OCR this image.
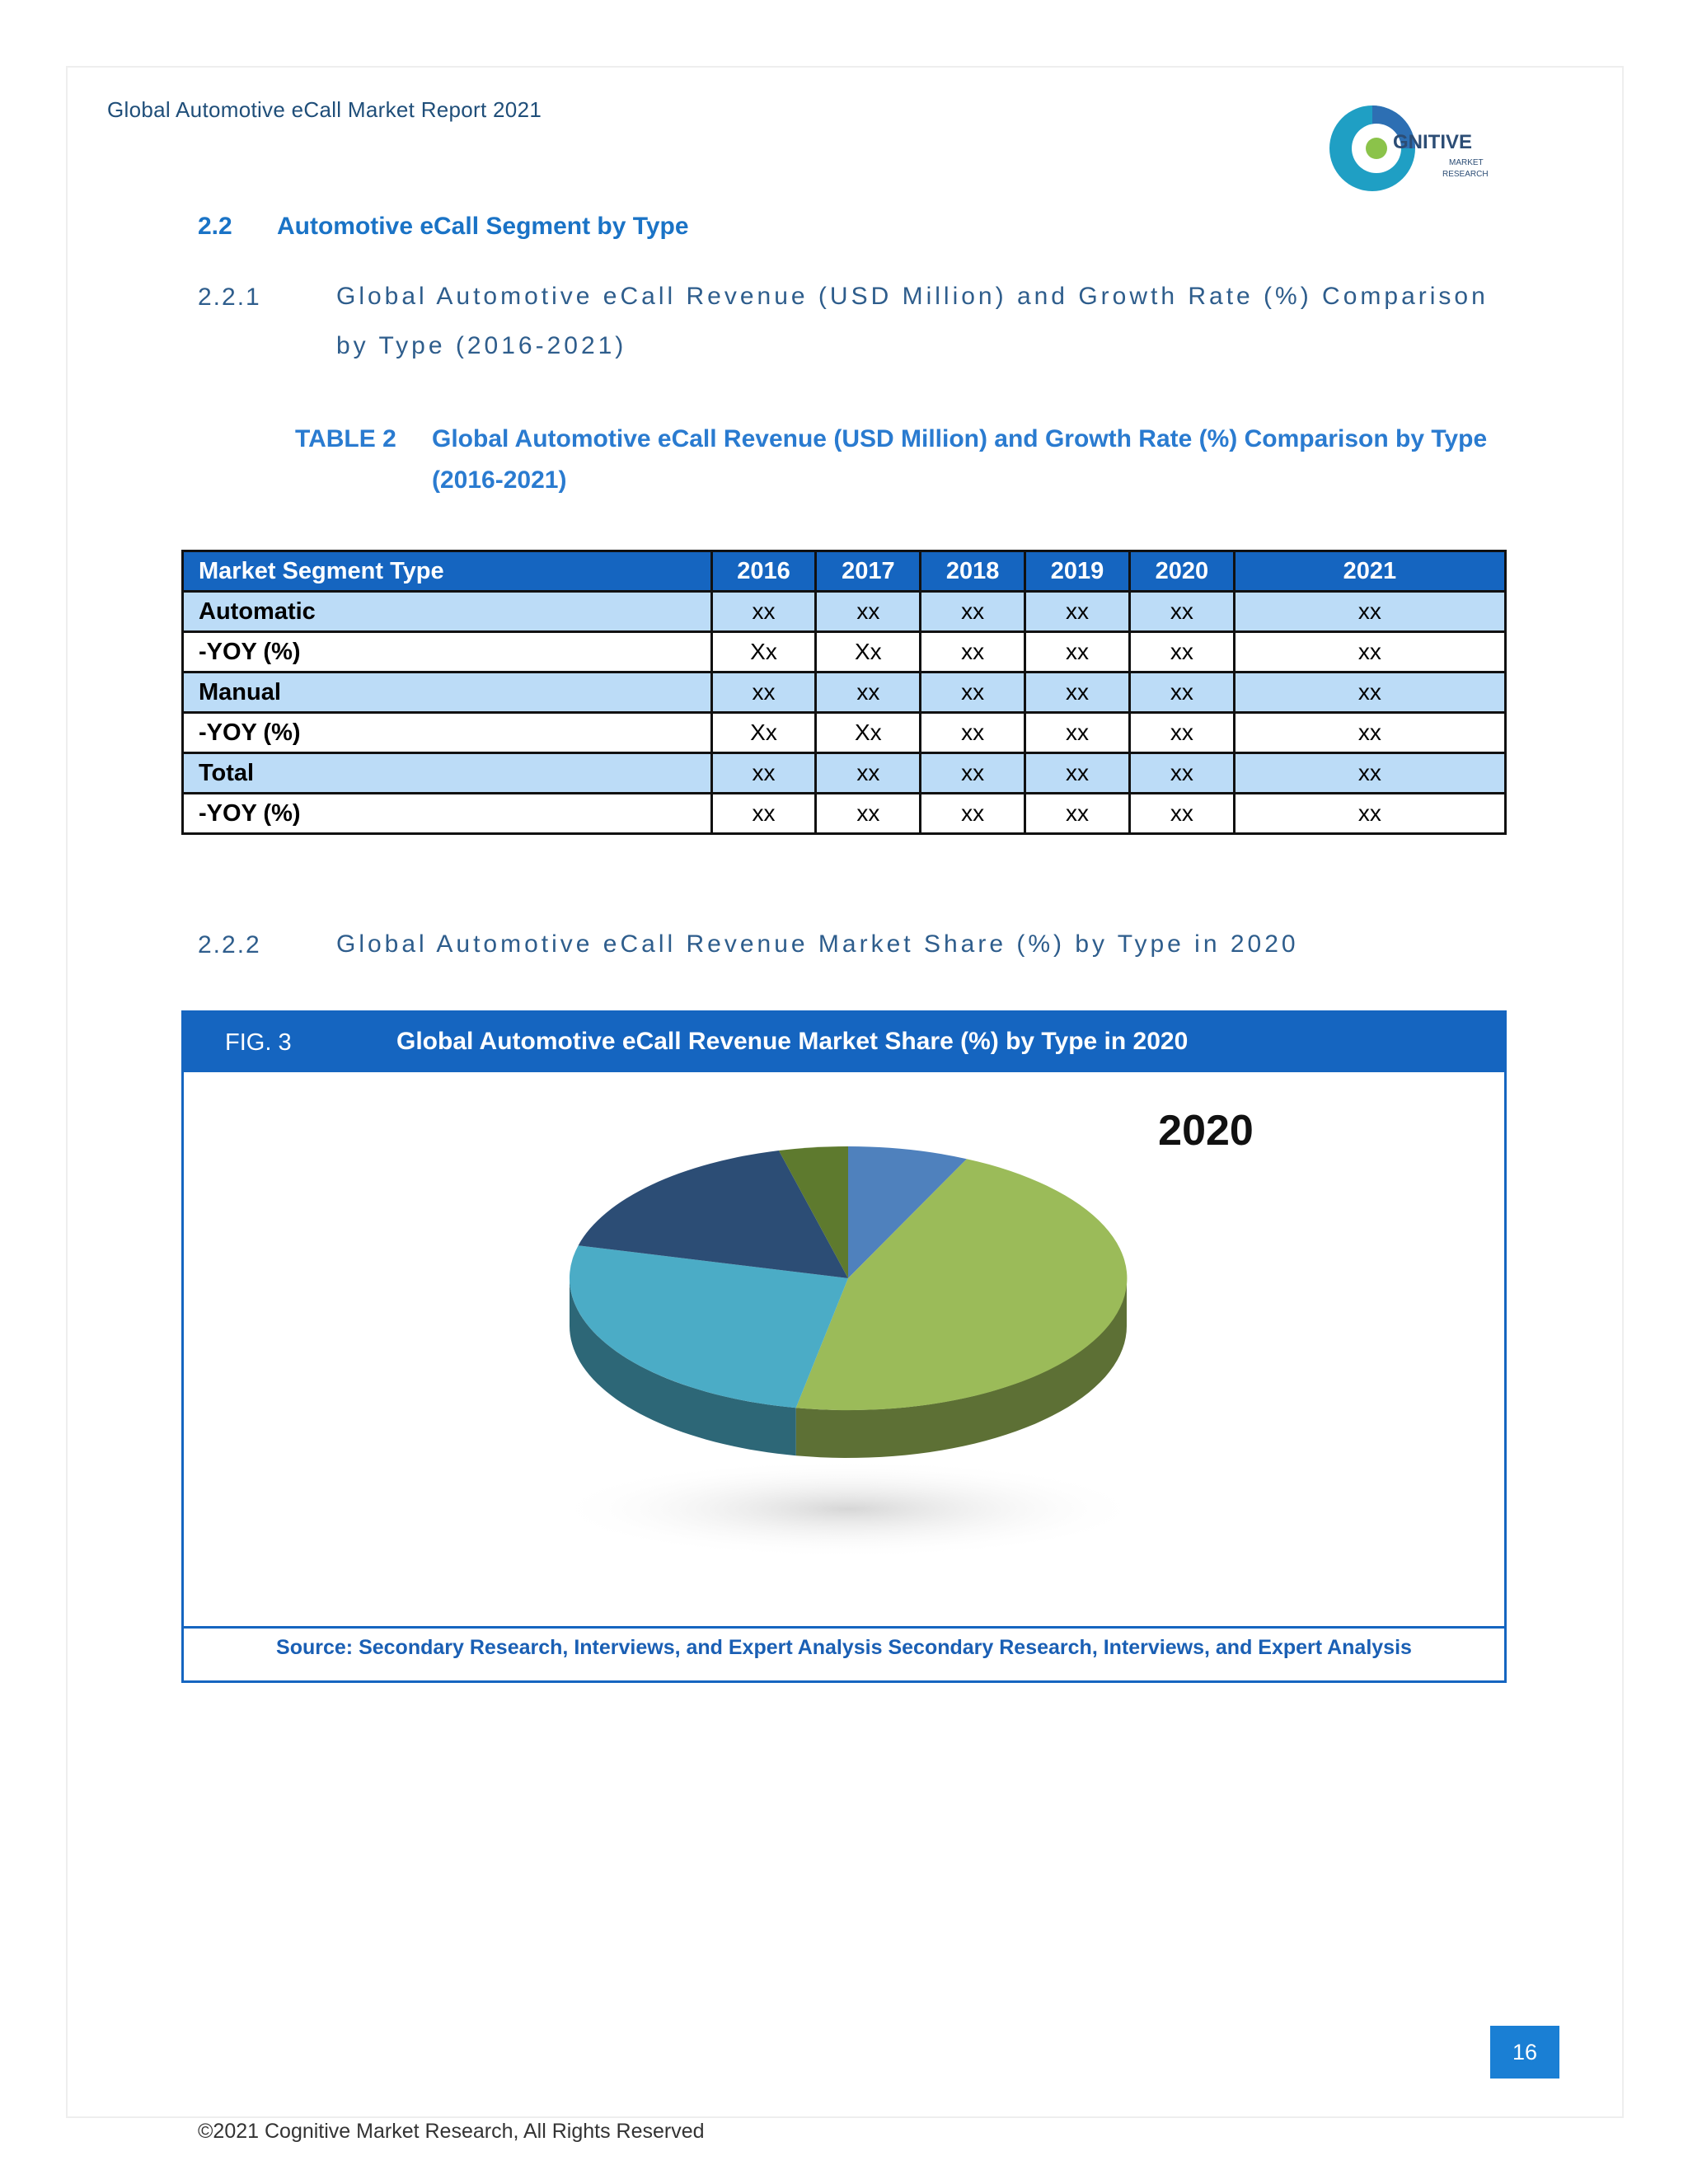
Global Automotive eCall Market Report 2021
GNITIVE
MARKET
RESEARCH
2.2 Automotive eCall Segment by Type
2.2.1	Global Automotive eCall Revenue (USD Million) and Growth Rate (%) Comparison
by Type (2016-2021)
TABLE 2 Global Automotive eCall Revenue (USD Million) and Growth Rate (%) Comparison by Type (2016-2021)
Market Segment Type	2016	2017	2018	2019	2020	2021
Automatic	xx	xx	xx	xx	xx	xx
-YOY (%)	Xx	Xx	xx	xx	xx	xx
Manual	xx	xx	xx	xx	xx	xx
-YOY (%)	Xx	Xx	xx	xx	xx	xx
Total	xx	xx	xx	xx	xx	xx
-YOY (%)	xx	xx	xx	xx	xx	xx
2.2.2	Global Automotive eCall Revenue Market Share (%) by Type in 2020
FIG. 3	Global Automotive eCall Revenue Market Share (%) by Type in 2020
2020
Source: Secondary Research, Interviews, and Expert Analysis Secondary Research, Interviews, and Expert Analysis
16
©2021 Cognitive Market Research, All Rights Reserved
